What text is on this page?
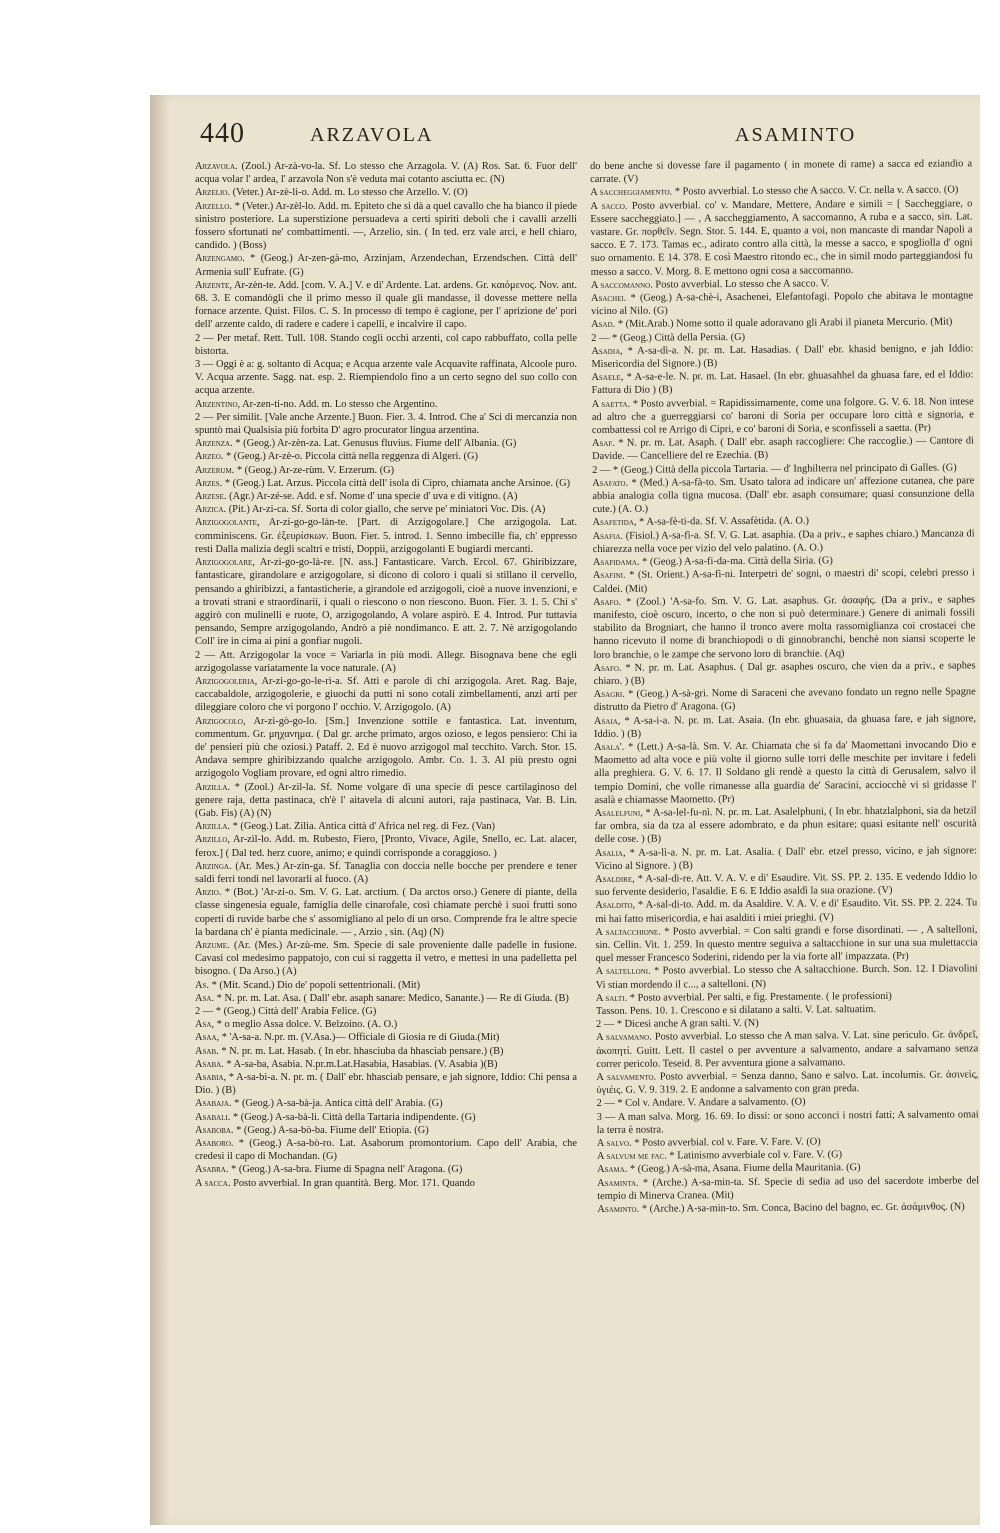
440	ARZAVOLA	ASAMINTO

Arzavola. (Zool.) Ar-zà-vo-la. Sf. Lo stesso che Arzagola. V. (A) Ros. Sat. 6. Fuor dell' acqua volar l' ardea, l' arzavola Non s'è veduta mai cotanto asciutta ec. (N)

Arzelio. (Veter.) Ar-zè-li-o. Add. m. Lo stesso che Arzello. V. (O)

Arzello. * (Veter.) Ar-zèl-lo. Add. m. Epiteto che si dà a quel cavallo che ha bianco il piede sinistro posteriore. La superstizione persuadeva a certi spiriti deboli che i cavalli arzelli fossero sfortunati ne' combattimenti. —, Arzelio, sin. ( In ted. erz vale arci, e hell chiaro, candido. ) (Boss)

Arzengamo. * (Geog.) Ar-zen-gà-mo, Arzinjam, Arzendechan, Erzendschen. Città dell' Armenia sull' Eufrate. (G)

Arzente, Ar-zèn-te. Add. [com. V. A.] V. e di' Ardente. Lat. ardens. Gr. καιόμενος. Nov. ant. 68. 3. E comandògli che il primo messo il quale gli mandasse, il dovesse mettere nella fornace arzente. Quist. Filos. C. S. In processo di tempo è cagione, per l' aprizione de' pori dell' arzente caldo, di radere e cadere i capelli, e incalvire il capo.

2 — Per metaf. Rett. Tull. 108. Stando cogli occhi arzenti, col capo rabbuffato, colla pelle bistorta.

3 — Oggi è a: g. soltanto di Acqua; e Acqua arzente vale Acquavite raffinata, Alcoole puro. V. Acqua arzente. Sagg. nat. esp. 2. Riempiendolo fino a un certo segno del suo collo con acqua arzente.

Arzentino, Ar-zen-ti-no. Add. m. Lo stesso che Argentino.

2 — Per similit. [Vale anche Arzente.] Buon. Fier. 3. 4. Introd. Che a' Sci di mercanzia non spuntò mai Qualsisia più forbita D' agro procurator lingua arzentina.

Arzenza. * (Geog.) Ar-zèn-za. Lat. Genusus fluvius. Fiume dell' Albania. (G)

Arzeo. * (Geog.) Ar-zè-o. Piccola città nella reggenza di Algeri. (G)

Arzerum. * (Geog.) Ar-ze-rùm. V. Erzerum. (G)

Arzes. * (Geog.) Lat. Arzus. Piccola città dell' isola di Cipro, chiamata anche Arsinoe. (G)

Arzese. (Agr.) Ar-zé-se. Add. e sf. Nome d' una specie d' uva e di vitigno. (A)

Arzica. (Pit.) Ar-zi-ca. Sf. Sorta di color giallo, che serve pe' miniatori Voc. Dis. (A)

Arzigogolante, Ar-zi-go-go-làn-te. [Part. di Arzigogolare.] Che arzigogola. Lat. comminiscens. Gr. ἐξευρίσκων. Buon. Fier. 5. introd. 1. Senno imbecille fia, ch' eppresso resti Dalla malizia degli scaltri e tristi, Doppii, arzigogolanti E bugiardi mercanti.

Arzigogolare, Ar-zi-go-go-là-re. [N. ass.] Fantasticare. Varch. Ercol. 67. Ghiribizzare, fantasticare, girandolare e arzigogolare, si dicono di coloro i quali si stillano il cervello, pensando a ghiribizzi, a fantasticherie, a girandole ed arzigogoli, cioè a nuove invenzioni, e a trovati strani e straordinarii, i quali o riescono o non riescono. Buon. Fier. 3. 1. 5. Chi s' aggirò con mulinelli e ruote, O, arzigogolando, A volare aspirò. E 4. Introd. Pur tuttavia pensando, Sempre arzigogolando, Andrò a piè nondimanco. E att. 2. 7. Nè arzigogolando Coll' ire in cima ai pini a gonfiar nugoli.

2 — Att. Arzigogolar la voce = Variarla in più modi. Allegr. Bisognava bene che egli arzigogolasse variatamente la voce naturale. (A)

Arzigogoleria, Ar-zi-go-go-le-rì-a. Sf. Atti e parole di chi arzigogola. Aret. Rag. Baje, caccabaldole, arzigogolerie, e giuochi da putti ni sono cotali zimbellamenti, anzi arti per dileggiare coloro che vi porgono l' occhio. V. Arzigogolo. (A)

Arzigocolo, Ar-zi-gò-go-lo. [Sm.] Invenzione sottile e fantastica. Lat. inventum, commentum. Gr. μηχανημα. ( Dal gr. arche primato, argos ozioso, e legos pensiero: Chi ia de' pensieri più che oziosi.) Pataff. 2. Ed è nuovo arzigogol mal tecchito. Varch. Stor. 15. Andava sempre ghiribizzando qualche arzigogolo. Ambr. Co. 1. 3. Al più presto ogni arzigogolo Vogliam provare, ed ogni altro rimedio.

Arzilla. * (Zool.) Ar-zil-la. Sf. Nome volgare di una specie di pesce cartilaginoso del genere raja, detta pastinaca, ch'è l' aitavela di alcuni autori, raja pastinaca, Var. B. Lin. (Gab. Fis) (A) (N)

Arzilla. * (Geog.) Lat. Zilia. Antica città d' Africa nel reg. di Fez. (Van)

Arzillo, Ar-zìl-lo. Add. m. Rubesto, Fiero, [Pronto, Vivace, Agile, Snello, ec. Lat. alacer, ferox.] ( Dal ted. herz cuore, animo; e quindi corrisponde a coraggioso. )

Arzinga. (Ar. Mes.) Ar-zìn-ga. Sf. Tanaglia con doccia nelle bocche per prendere e tener saldi ferri tondi nel lavorarli al fuoco. (A)

Arzio. * (Bot.) 'Ar-zi-o. Sm. V. G. Lat. arctium. ( Da arctos orso.) Genere di piante, della classe singenesia eguale, famiglia delle cinarofale, così chiamate perchè i suoi frutti sono coperti di ruvide barbe che s' assomigliano al pelo di un orso. Comprende fra le altre specie la bardana ch' è pianta medicinale. — , Arzio , sin. (Aq) (N)

Arzume. (Ar. (Mes.) Ar-zù-me. Sm. Specie di sale proveniente dalle padelle in fusione. Cavasi col medesimo pappatojo, con cui si raggetta il vetro, e mettesi in una padelletta pel bisogno. ( Da Arso.) (A)

As. * (Mit. Scand.) Dio de' popoli settentrionali. (Mit)

Asa. * N. pr. m. Lat. Asa. ( Dall' ebr. asaph sanare: Medico, Sanante.) — Re di Giuda. (B)

2 — * (Geog.) Città dell' Arabia Felice. (G)

Asa, * o meglio Assa dolce. V. Belzoino. (A. O.)

Asaa, * 'A-sa-a. N.pr. m. (V.Asa.)— Officiale di Giosia re di Giuda.(Mit)

Asab. * N. pr. m. Lat. Hasab. ( In ebr. hhasciuba da hhasciab pensare.) (B)

Asaba. * A-sa-ba, Asabia. N.pr.m.Lat.Hasabia, Hasabias. (V. Asabia )(B)

Asabia, * A-sa-bì-a. N. pr. m. ( Dall' ebr. hhasciab pensare, e jah signore, Iddio: Chi pensa a Dio. ) (B)

Asabaja. * (Geog.) A-sa-bà-ja. Antica città dell' Arabia. (G)

Asabali. * (Geog.) A-sa-bà-li. Città della Tartaria indipendente. (G)

Asaboba. * (Geog.) A-sa-bò-ba. Fiume dell' Etiopia. (G)

Asaboro. * (Geog.) A-sa-bò-ro. Lat. Asaborum promontorium. Capo dell' Arabia, che credesi il capo di Mochandan. (G)

Asabra. * (Geog.) A-sa-bra. Fiume di Spagna nell' Aragona. (G)

A sacca. Posto avverbial. In gran quantità. Berg. Mor. 171. Quando

do bene anche si dovesse fare il pagamento ( in monete di rame) a sacca ed eziandio a carrate. (V)

A saccheggiamento. * Posto avverbial. Lo stesso che A sacco. V. Cr. nella v. A sacco. (O)

A sacco. Posto avverbial. co' v. Mandare, Mettere, Andare e simili = [ Saccheggiare, o Essere saccheggiato.] — , A saccheggiamento, A saccomanno, A ruba e a sacco, sin. Lat. vastare. Gr. πορθεῖν. Segn. Stor. 5. 144. E, quanto a voi, non mancaste di mandar Napoli a sacco. E 7. 173. Tamas ec., adirato contro alla città, la messe a sacco, e spogliolla d' ogni suo ornamento. E 14. 378. E così Maestro ritondo ec., che in simil modo parteggiandosi fu messo a sacco. V. Morg. 8. E mettono ogni cosa a saccomanno.

A saccomanno. Posto avverbial. Lo stesso che A sacco. V.

Asachei. * (Geog.) A-sa-chè-i, Asachenei, Elefantofagi. Popolo che abitava le montagne vicino al Nilo. (G)

Asad. * (Mit.Arab.) Nome sotto il quale adoravano gli Arabi il pianeta Mercurio. (Mit)

2 — * (Geog.) Città della Persia. (G)

Asadia, * A-sa-dì-a. N. pr. m. Lat. Hasadias. ( Dall' ebr. khasid benigno, e jah Iddio: Misericordia del Signore.) (B)

Asaele, * A-sa-e-le. N. pr. m. Lat. Hasael. (In ebr. ghuasahhel da ghuasa fare, ed el Iddio: Fattura di Dio ) (B)

A saetta. * Posto avverbial. = Rapidissimamente, come una folgore. G. V. 6. 18. Non intese ad altro che a guerreggiarsi co' baroni di Soria per occupare loro città e signoria, e combattessi col re Arrigo di Cipri, e co' baroni di Soria, e sconfisseli a saetta. (Pr)

Asaf. * N. pr. m. Lat. Asaph. ( Dall' ebr. asaph raccogliere: Che raccoglie.) — Cantore di Davide. — Cancelliere del re Ezechia. (B)

2 — * (Geog.) Città della piccola Tartaria. — d' Inghilterra nel principato di Galles. (G)

Asafato. * (Med.) A-sa-fà-to. Sm. Usato talora ad indicare un' affezione cutanea, che pare abbia analogia colla tigna mucosa. (Dall' ebr. asaph consumare; quasi consunzione della cute.) (A. O.)

Asafetida, * A-sa-fè-ti-da. Sf. V. Assafètida. (A. O.)

Asafia. (Fisiol.) A-sa-fì-a. Sf. V. G. Lat. asaphia. (Da a priv., e saphes chiaro.) Mancanza di chiarezza nella voce per vizio del velo palatino. (A. O.)

Asafidama. * (Geog.) A-sa-fi-da-ma. Città della Siria. (G)

Asafini. * (St. Orient.) A-sa-fì-ni. Interpetri de' sogni, o maestri di' scopi, celebri presso i Caldei. (Mit)

Asafo. * (Zool.) 'A-sa-fo. Sm. V. G. Lat. asaphus. Gr. ἀσαφής. (Da a priv., e saphes manifesto, cioè oscuro, incerto, o che non si può determinare.) Genere di animali fossili stabilito da Brogniart, che hanno il tronco avere molta rassomiglianza coi crostacei che hanno ricevuto il nome di branchiopodi o di ginnobranchi, benchè non siansi scoperte le loro branchie, o le zampe che servono loro di branchie. (Aq)

Asafo. * N. pr. m. Lat. Asaphus. ( Dal gr. asaphes oscuro, che vien da a priv., e saphes chiaro. ) (B)

Asagri. * (Geog.) A-sà-gri. Nome di Saraceni che avevano fondato un regno nelle Spagne distrutto da Pietro d' Aragona. (G)

Asaia, * A-sa-i-a. N. pr. m. Lat. Asaia. (In ebr. ghuasaia, da ghuasa fare, e jah signore, Iddio. ) (B)

Asala'. * (Lett.) A-sa-là. Sm. V. Ar. Chiamata che si fa da' Maomettani invocando Dio e Maometto ad alta voce e più volte il giorno sulle torri delle meschite per invitare i fedeli alla preghiera. G. V. 6. 17. Il Soldano gli rendè a questo la città di Gerusalem, salvo il tempio Domini, che volle rimanesse alla guardia de' Saracini, acciocchè vi si gridasse l' asalà e chiamasse Maometto. (Pr)

Asalelfuni, * A-sa-lel-fu-nì. N. pr. m. Lat. Asalelphuni, ( In ebr. hhatzlalphoni, sia da hetzil far ombra, sia da tza al essere adombrato, e da phun esitare; quasi esitante nell' oscurità delle cose. ) (B)

Asalia, * A-sa-lì-a. N. pr. m. Lat. Asalia. ( Dall' ebr. etzel presso, vicino, e jah signore: Vicino al Signore. ) (B)

Asaldire, * A-sal-di-re. Att. V. A. V. e di' Esaudire. Vit. SS. PP. 2. 135. E vedendo Iddio lo suo fervente desiderio, l'asaldie. E 6. E Iddio asaldì la sua orazione. (V)

Asaldito, * A-sal-di-to. Add. m. da Asaldire. V. A. V. e di' Esaudito. Vit. SS. PP. 2. 224. Tu mi hai fatto misericordia, e hai asalditi i miei prieghi. (V)

A saltacchione. * Posto avverbial. = Con salti grandi e forse disordinati. — , A saltelloni, sin. Cellin. Vit. 1. 259. In questo mentre seguiva a saltacchione in sur una sua mulettaccia quel messer Francesco Soderini, ridendo per la via forte all' impazzata. (Pr)

A saltelloni. * Posto avverbial. Lo stesso che A saltacchione. Burch. Son. 12. I Diavolini Vi stian mordendo il c..., a saltelloni. (N)

A salti. * Posto avverbial. Per salti, e fig. Prestamente. ( le professioni)

Tasson. Pens. 10. 1. Crescono e si dilatano a salti. V. Lat. saltuatim.

2 — * Dicesi anche A gran salti. V. (N)

A salvamano. Posto avverbial. Lo stesso che A man salva. V. Lat. sine periculo. Gr. ἀνδρεῖ, ἀκοπητί. Guitt. Lett. Il castel o per avventure a salvamento, andare a salvamano senza correr pericolo. Teseid. 8. Per avventura gione a salvamano.

A salvamento. Posto avverbial. = Senza danno, Sano e salvo. Lat. incolumis. Gr. ἀσινεὶς, ὑγιέις. G. V. 9. 319. 2. E andonne a salvamento con gran preda.

2 — * Col v. Andare. V. Andare a salvamento. (O)

3 — A man salva. Morg. 16. 69. Io dissi: or sono acconci i nostri fatti; A salvamento omai la terra è nostra.

A salvo. * Posto avverbial. col v. Fare. V. Fare. V. (O)

A salvum me fac. * Latinismo avverbiale col v. Fare. V. (G)

Asama. * (Geog.) A-sà-ma, Asana. Fiume della Mauritania. (G)

Asaminta. * (Arche.) A-sa-min-ta. Sf. Specie di sedia ad uso del sacerdote imberbe del tempio di Minerva Cranea. (Mit)

Asaminto. * (Arche.) A-sa-min-to. Sm. Conca, Bacino del bagno, ec. Gr. ἀσάμινθος. (N)
